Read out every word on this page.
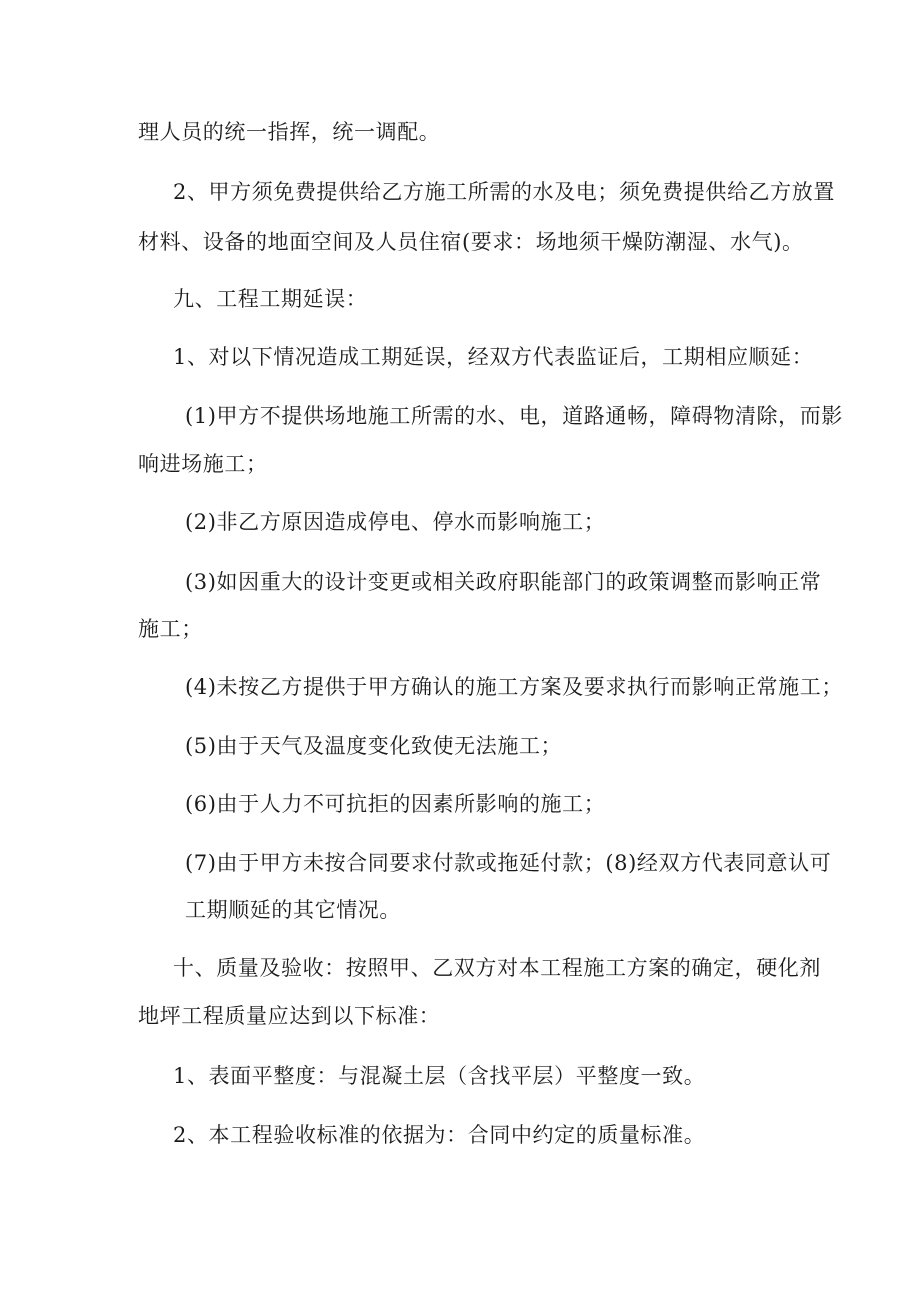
理人员的统一指挥，统一调配。
2、甲方须免费提供给乙方施工所需的水及电；须免费提供给乙方放置
材料、设备的地面空间及人员住宿(要求：场地须干燥防潮湿、水气)。
九、工程工期延误：
1、对以下情况造成工期延误，经双方代表监证后，工期相应顺延：
(1)甲方不提供场地施工所需的水、电，道路通畅，障碍物清除，而影
响进场施工；
(2)非乙方原因造成停电、停水而影响施工；
(3)如因重大的设计变更或相关政府职能部门的政策调整而影响正常
施工；
(4)未按乙方提供于甲方确认的施工方案及要求执行而影响正常施工；
(5)由于天气及温度变化致使无法施工；
(6)由于人力不可抗拒的因素所影响的施工；
(7)由于甲方未按合同要求付款或拖延付款；(8)经双方代表同意认可
工期顺延的其它情况。
十、质量及验收：按照甲、乙双方对本工程施工方案的确定，硬化剂
地坪工程质量应达到以下标准：
1、表面平整度：与混凝土层（含找平层）平整度一致。
2、本工程验收标准的依据为：合同中约定的质量标准。
